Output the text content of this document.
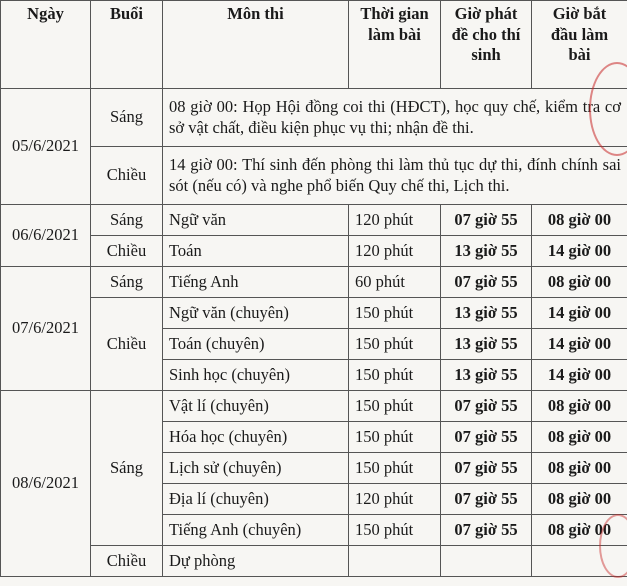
Ngày	Buổi	Môn thi	Thời gian làm bài	Giờ phát đề cho thí sinh	Giờ bắt đầu làm bài
05/6/2021	Sáng	08 giờ 00: Họp Hội đồng coi thi (HĐCT), học quy chế, kiểm tra cơ sở vật chất, điều kiện phục vụ thi; nhận đề thi.			
	Chiều	14 giờ 00: Thí sinh đến phòng thi làm thủ tục dự thi, đính chính sai sót (nếu có) và nghe phổ biến Quy chế thi, Lịch thi.			
06/6/2021	Sáng	Ngữ văn	120 phút	07 giờ 55	08 giờ 00
	Chiều	Toán	120 phút	13 giờ 55	14 giờ 00
07/6/2021	Sáng	Tiếng Anh	60 phút	07 giờ 55	08 giờ 00
	Chiều	Ngữ văn (chuyên)	150 phút	13 giờ 55	14 giờ 00
		Toán (chuyên)	150 phút	13 giờ 55	14 giờ 00
		Sinh học (chuyên)	150 phút	13 giờ 55	14 giờ 00
08/6/2021	Sáng	Vật lí (chuyên)	150 phút	07 giờ 55	08 giờ 00
		Hóa học (chuyên)	150 phút	07 giờ 55	08 giờ 00
		Lịch sử (chuyên)	150 phút	07 giờ 55	08 giờ 00
		Địa lí (chuyên)	120 phút	07 giờ 55	08 giờ 00
		Tiếng Anh (chuyên)	150 phút	07 giờ 55	08 giờ 00
	Chiều	Dự phòng			
